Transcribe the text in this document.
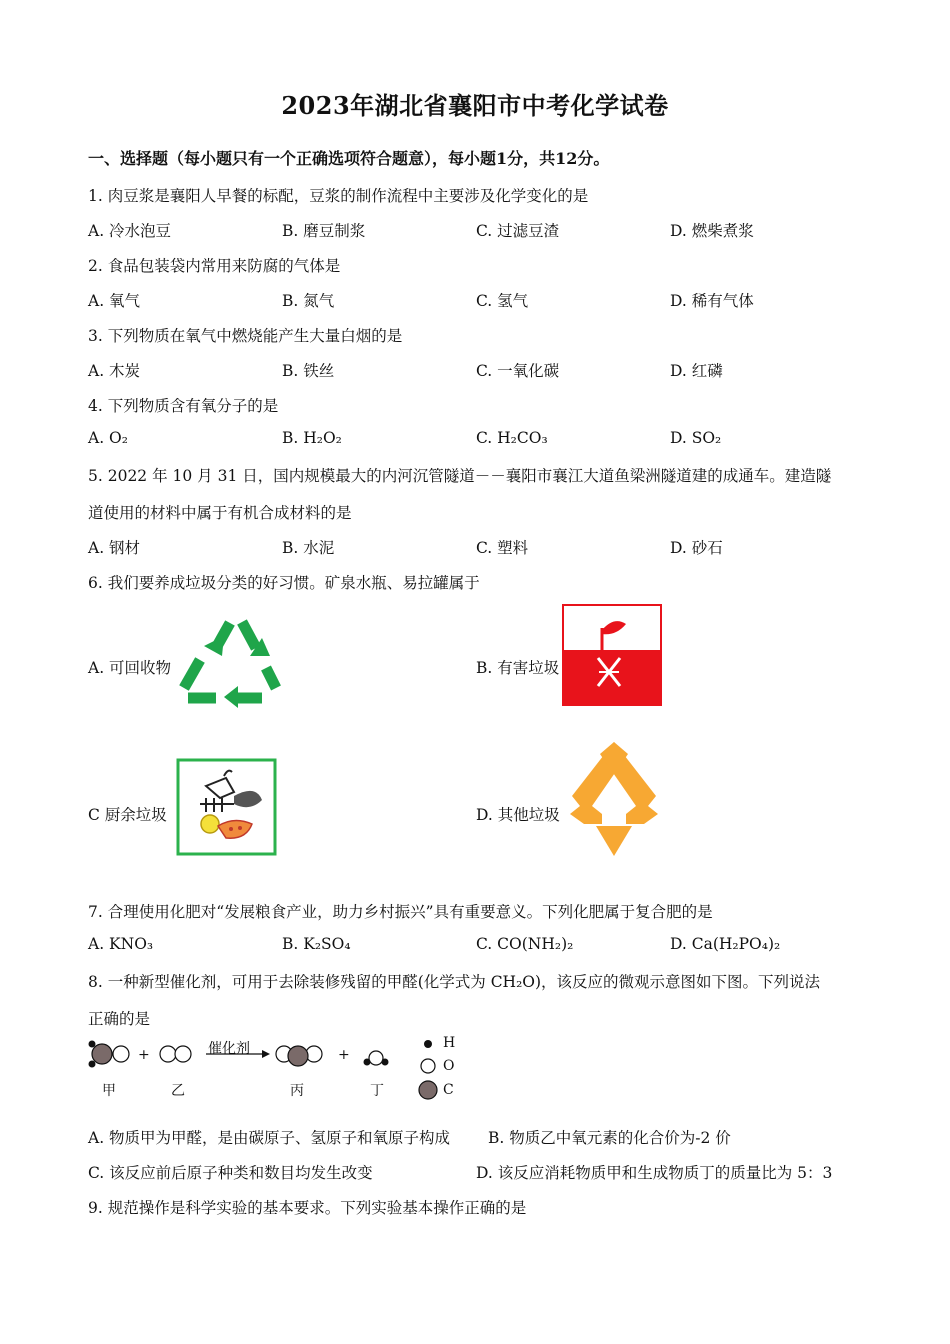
2023年湖北省襄阳市中考化学试卷
一、选择题（每小题只有一个正确选项符合题意），每小题1分，共12分。
1. 肉豆浆是襄阳人早餐的标配，豆浆的制作流程中主要涉及化学变化的是
A. 冷水泡豆	B. 磨豆制浆	C. 过滤豆渣	D. 燃柴煮浆
2. 食品包装袋内常用来防腐的气体是
A. 氧气	B. 氮气	C. 氢气	D. 稀有气体
3. 下列物质在氧气中燃烧能产生大量白烟的是
A. 木炭	B. 铁丝	C. 一氧化碳	D. 红磷
4. 下列物质含有氧分子的是
A. O₂	B. H₂O₂	C. H₂CO₃	D. SO₂
5. 2022 年 10 月 31 日，国内规模最大的内河沉管隧道－－襄阳市襄江大道鱼梁洲隧道建的成通车。建造隧
道使用的材料中属于有机合成材料的是
A. 钢材	B. 水泥	C. 塑料	D. 砂石
6. 我们要养成垃圾分类的好习惯。矿泉水瓶、易拉罐属于
A. 可回收物	B. 有害垃圾
C 厨余垃圾	D. 其他垃圾
7. 合理使用化肥对“发展粮食产业，助力乡村振兴”具有重要意义。下列化肥属于复合肥的是
A. KNO₃	B. K₂SO₄	C. CO(NH₂)₂	D. Ca(H₂PO₄)₂
8. 一种新型催化剂，可用于去除装修残留的甲醛(化学式为 CH₂O)，该反应的微观示意图如下图。下列说法
正确的是
催化剂
+	+
甲	乙	丙	丁
H
O
C
A. 物质甲为甲醛，是由碳原子、氢原子和氧原子构成 B. 物质乙中氧元素的化合价为-2 价
C. 该反应前后原子种类和数目均发生改变	D. 该反应消耗物质甲和生成物质丁的质量比为 5：3
9. 规范操作是科学实验的基本要求。下列实验基本操作正确的是
